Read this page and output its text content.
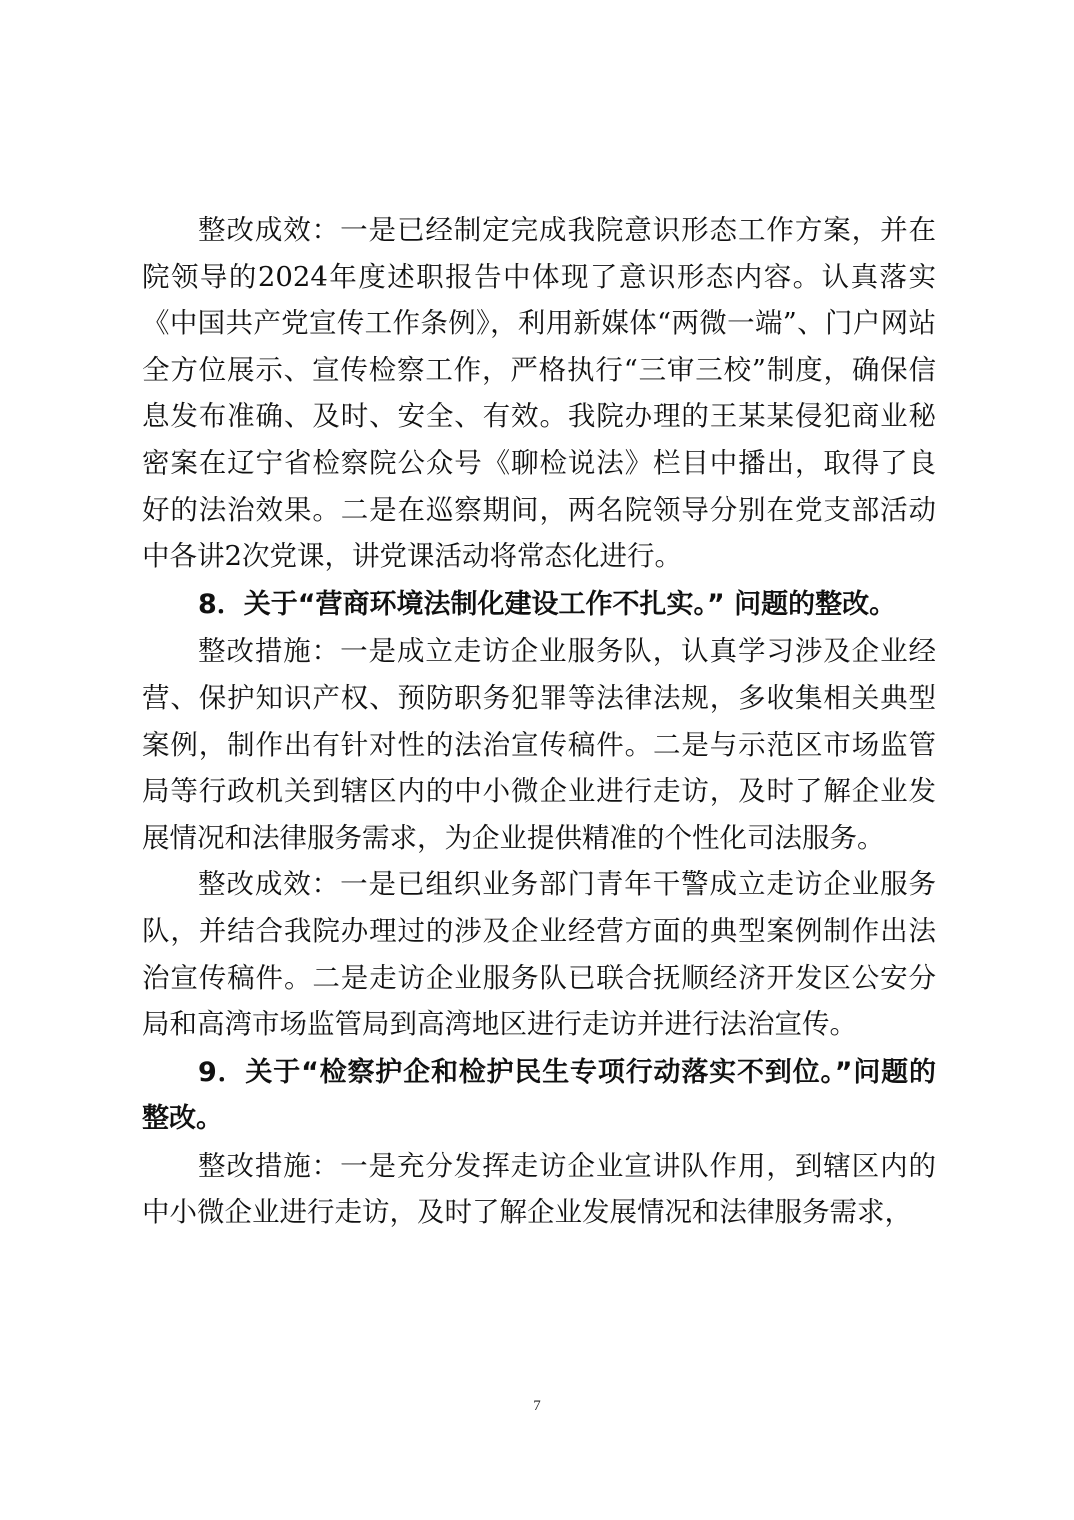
整改成效：一是已经制定完成我院意识形态工作方案，并在院领导的2024年度述职报告中体现了意识形态内容。认真落实《中国共产党宣传工作条例》，利用新媒体“两微一端”、门户网站全方位展示、宣传检察工作，严格执行“三审三校”制度，确保信息发布准确、及时、安全、有效。我院办理的王某某侵犯商业秘密案在辽宁省检察院公众号《聊检说法》栏目中播出，取得了良好的法治效果。二是在巡察期间，两名院领导分别在党支部活动中各讲2次党课，讲党课活动将常态化进行。

8．关于“营商环境法制化建设工作不扎实。” 问题的整改。

整改措施：一是成立走访企业服务队，认真学习涉及企业经营、保护知识产权、预防职务犯罪等法律法规，多收集相关典型案例，制作出有针对性的法治宣传稿件。二是与示范区市场监管局等行政机关到辖区内的中小微企业进行走访，及时了解企业发展情况和法律服务需求，为企业提供精准的个性化司法服务。

整改成效：一是已组织业务部门青年干警成立走访企业服务队，并结合我院办理过的涉及企业经营方面的典型案例制作出法治宣传稿件。二是走访企业服务队已联合抚顺经济开发区公安分局和高湾市场监管局到高湾地区进行走访并进行法治宣传。

9．关于“检察护企和检护民生专项行动落实不到位。”问题的整改。

整改措施：一是充分发挥走访企业宣讲队作用，到辖区内的中小微企业进行走访，及时了解企业发展情况和法律服务需求，

7
